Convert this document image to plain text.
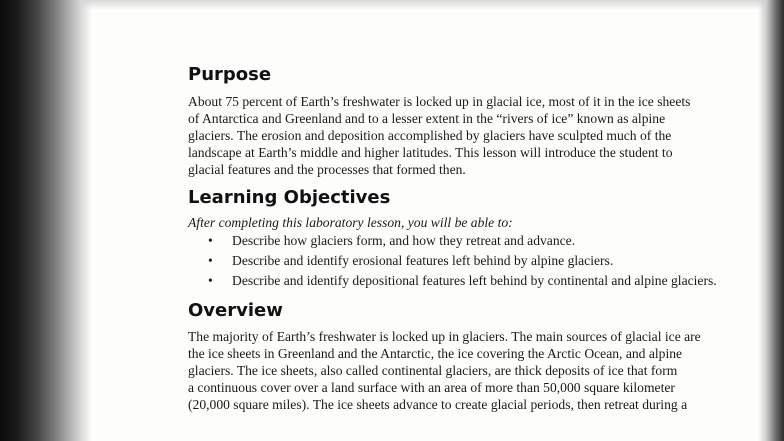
Purpose
About 75 percent of Earth’s freshwater is locked up in glacial ice, most of it in the ice sheets
of Antarctica and Greenland and to a lesser extent in the “rivers of ice” known as alpine
glaciers. The erosion and deposition accomplished by glaciers have sculpted much of the
landscape at Earth’s middle and higher latitudes. This lesson will introduce the student to
glacial features and the processes that formed then.
Learning Objectives

After completing this laboratory lesson, you will be able to:

• Describe how glaciers form, and how they retreat and advance.
• Describe and identify erosional features left behind by alpine glaciers.
• Describe and identify depositional features left behind by continental and alpine glaciers.
Overview
The majority of Earth’s freshwater is locked up in glaciers. The main sources of glacial ice are
the ice sheets in Greenland and the Antarctic, the ice covering the Arctic Ocean, and alpine
glaciers. The ice sheets, also called continental glaciers, are thick deposits of ice that form
a continuous cover over a land surface with an area of more than 50,000 square kilometer
(20,000 square miles). The ice sheets advance to create glacial periods, then retreat during a
